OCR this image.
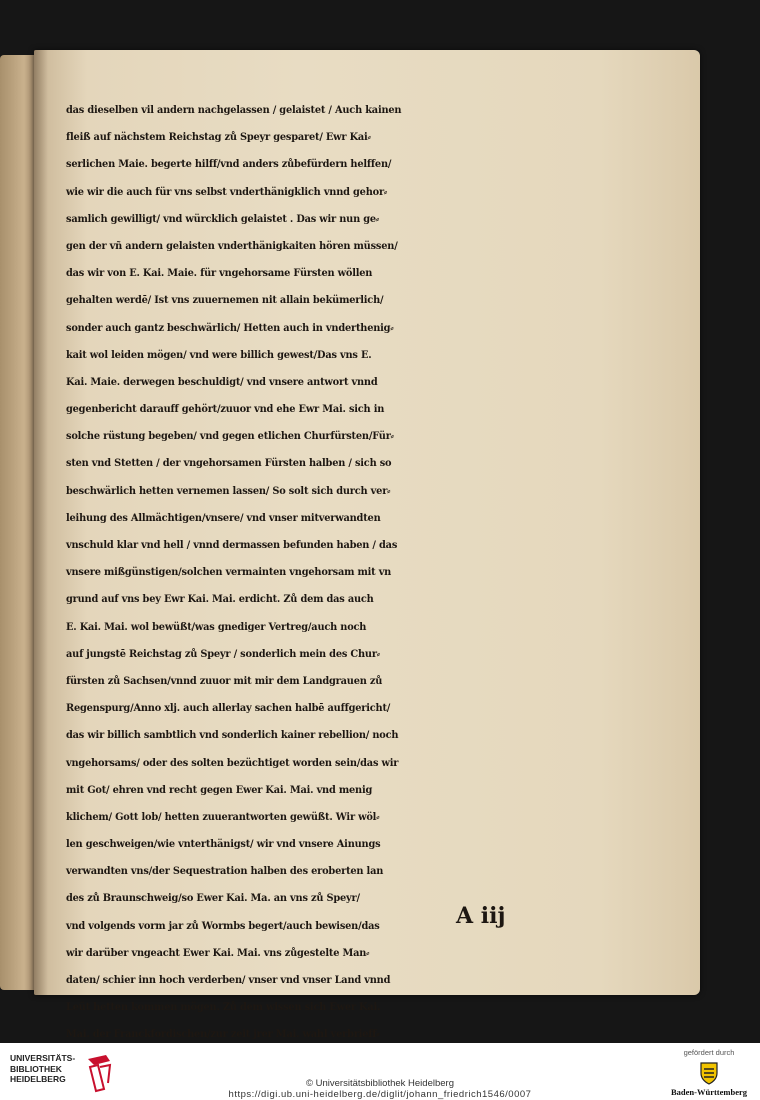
das dieselben vil andern nachgelassen / gelaistet / Auch kainen
fleiß auf nächstem Reichstag zů Speyr gesparet/ Ewr Kai⸗
serlichen Maie. begerte hilff/vnd anders zůbefürdern helffen/
wie wir die auch für vns selbst vnderthänigklich vnnd gehor⸗
samlich gewilligt/ vnd würcklich gelaistet . Das wir nun ge⸗
gen der vñ andern gelaisten vnderthänigkaiten hören müssen/
das wir von E. Kai. Maie. für vngehorsame Fürsten wöllen
gehalten werdē/ Ist vns zuuernemen nit allain bekümerlich/
sonder auch gantz beschwärlich/ Hetten auch in vnderthenig⸗
kait wol leiden mögen/ vnd were billich gewest/Das vns E.
Kai. Maie. derwegen beschuldigt/ vnd vnsere antwort vnnd
gegenbericht darauff gehört/zuuor vnd ehe Ewr Mai. sich in
solche rüstung begeben/ vnd gegen etlichen Churfürsten/Für⸗
sten vnd Stetten / der vngehorsamen Fürsten halben / sich so
beschwärlich hetten vernemen lassen/ So solt sich durch ver⸗
leihung des Allmächtigen/vnsere/ vnd vnser mitverwandten
vnschuld klar vnd hell / vnnd dermassen befunden haben / das
vnsere mißgünstigen/solchen vermainten vngehorsam mit vn
grund auf vns bey Ewr Kai. Mai. erdicht. Zů dem das auch
E. Kai. Mai. wol bewüßt/was gnediger Vertreg/auch noch
auf jungstē Reichstag zů Speyr / sonderlich mein des Chur⸗
fürsten zů Sachsen/vnnd zuuor mit mir dem Landgrauen zů
Regenspurg/Anno xlj. auch allerlay sachen halbē auffgericht/
das wir billich sambtlich vnd sonderlich kainer rebellion/ noch
vngehorsams/ oder des solten bezüchtiget worden sein/das wir
mit Got/ ehren vnd recht gegen Ewer Kai. Mai. vnd menig
klichem/ Gott lob/ hetten zuuerantworten gewüßt. Wir wöl⸗
len geschweigen/wie vnterthänigst/ wir vnd vnsere Ainungs
verwandten vns/der Sequestration halben des eroberten lan
des zů Braunschweig/so Ewer Kai. Ma. an vns zů Speyr/
vnd volgends vorm jar zů Wormbs begert/auch bewisen/das
wir darüber vngeacht Ewer Kai. Mai. vns zůgestelte Man⸗
daten/ schier inn hoch verderben/ vnser vnd vnser Land vnnd
Leüt hetten kommen mögen. Zů dem wissen sich Ewer Kai.
Mai. der Franckfordischen/zur zeit jrer Mai. wahl verbrieff⸗
A iij
UNIVERSITÄTS-
BIBLIOTHEK
HEIDELBERG	© Universitätsbibliothek Heidelberg
https://digi.ub.uni-heidelberg.de/diglit/johann_friedrich1546/0007
gefördert durch
Baden-Württemberg
